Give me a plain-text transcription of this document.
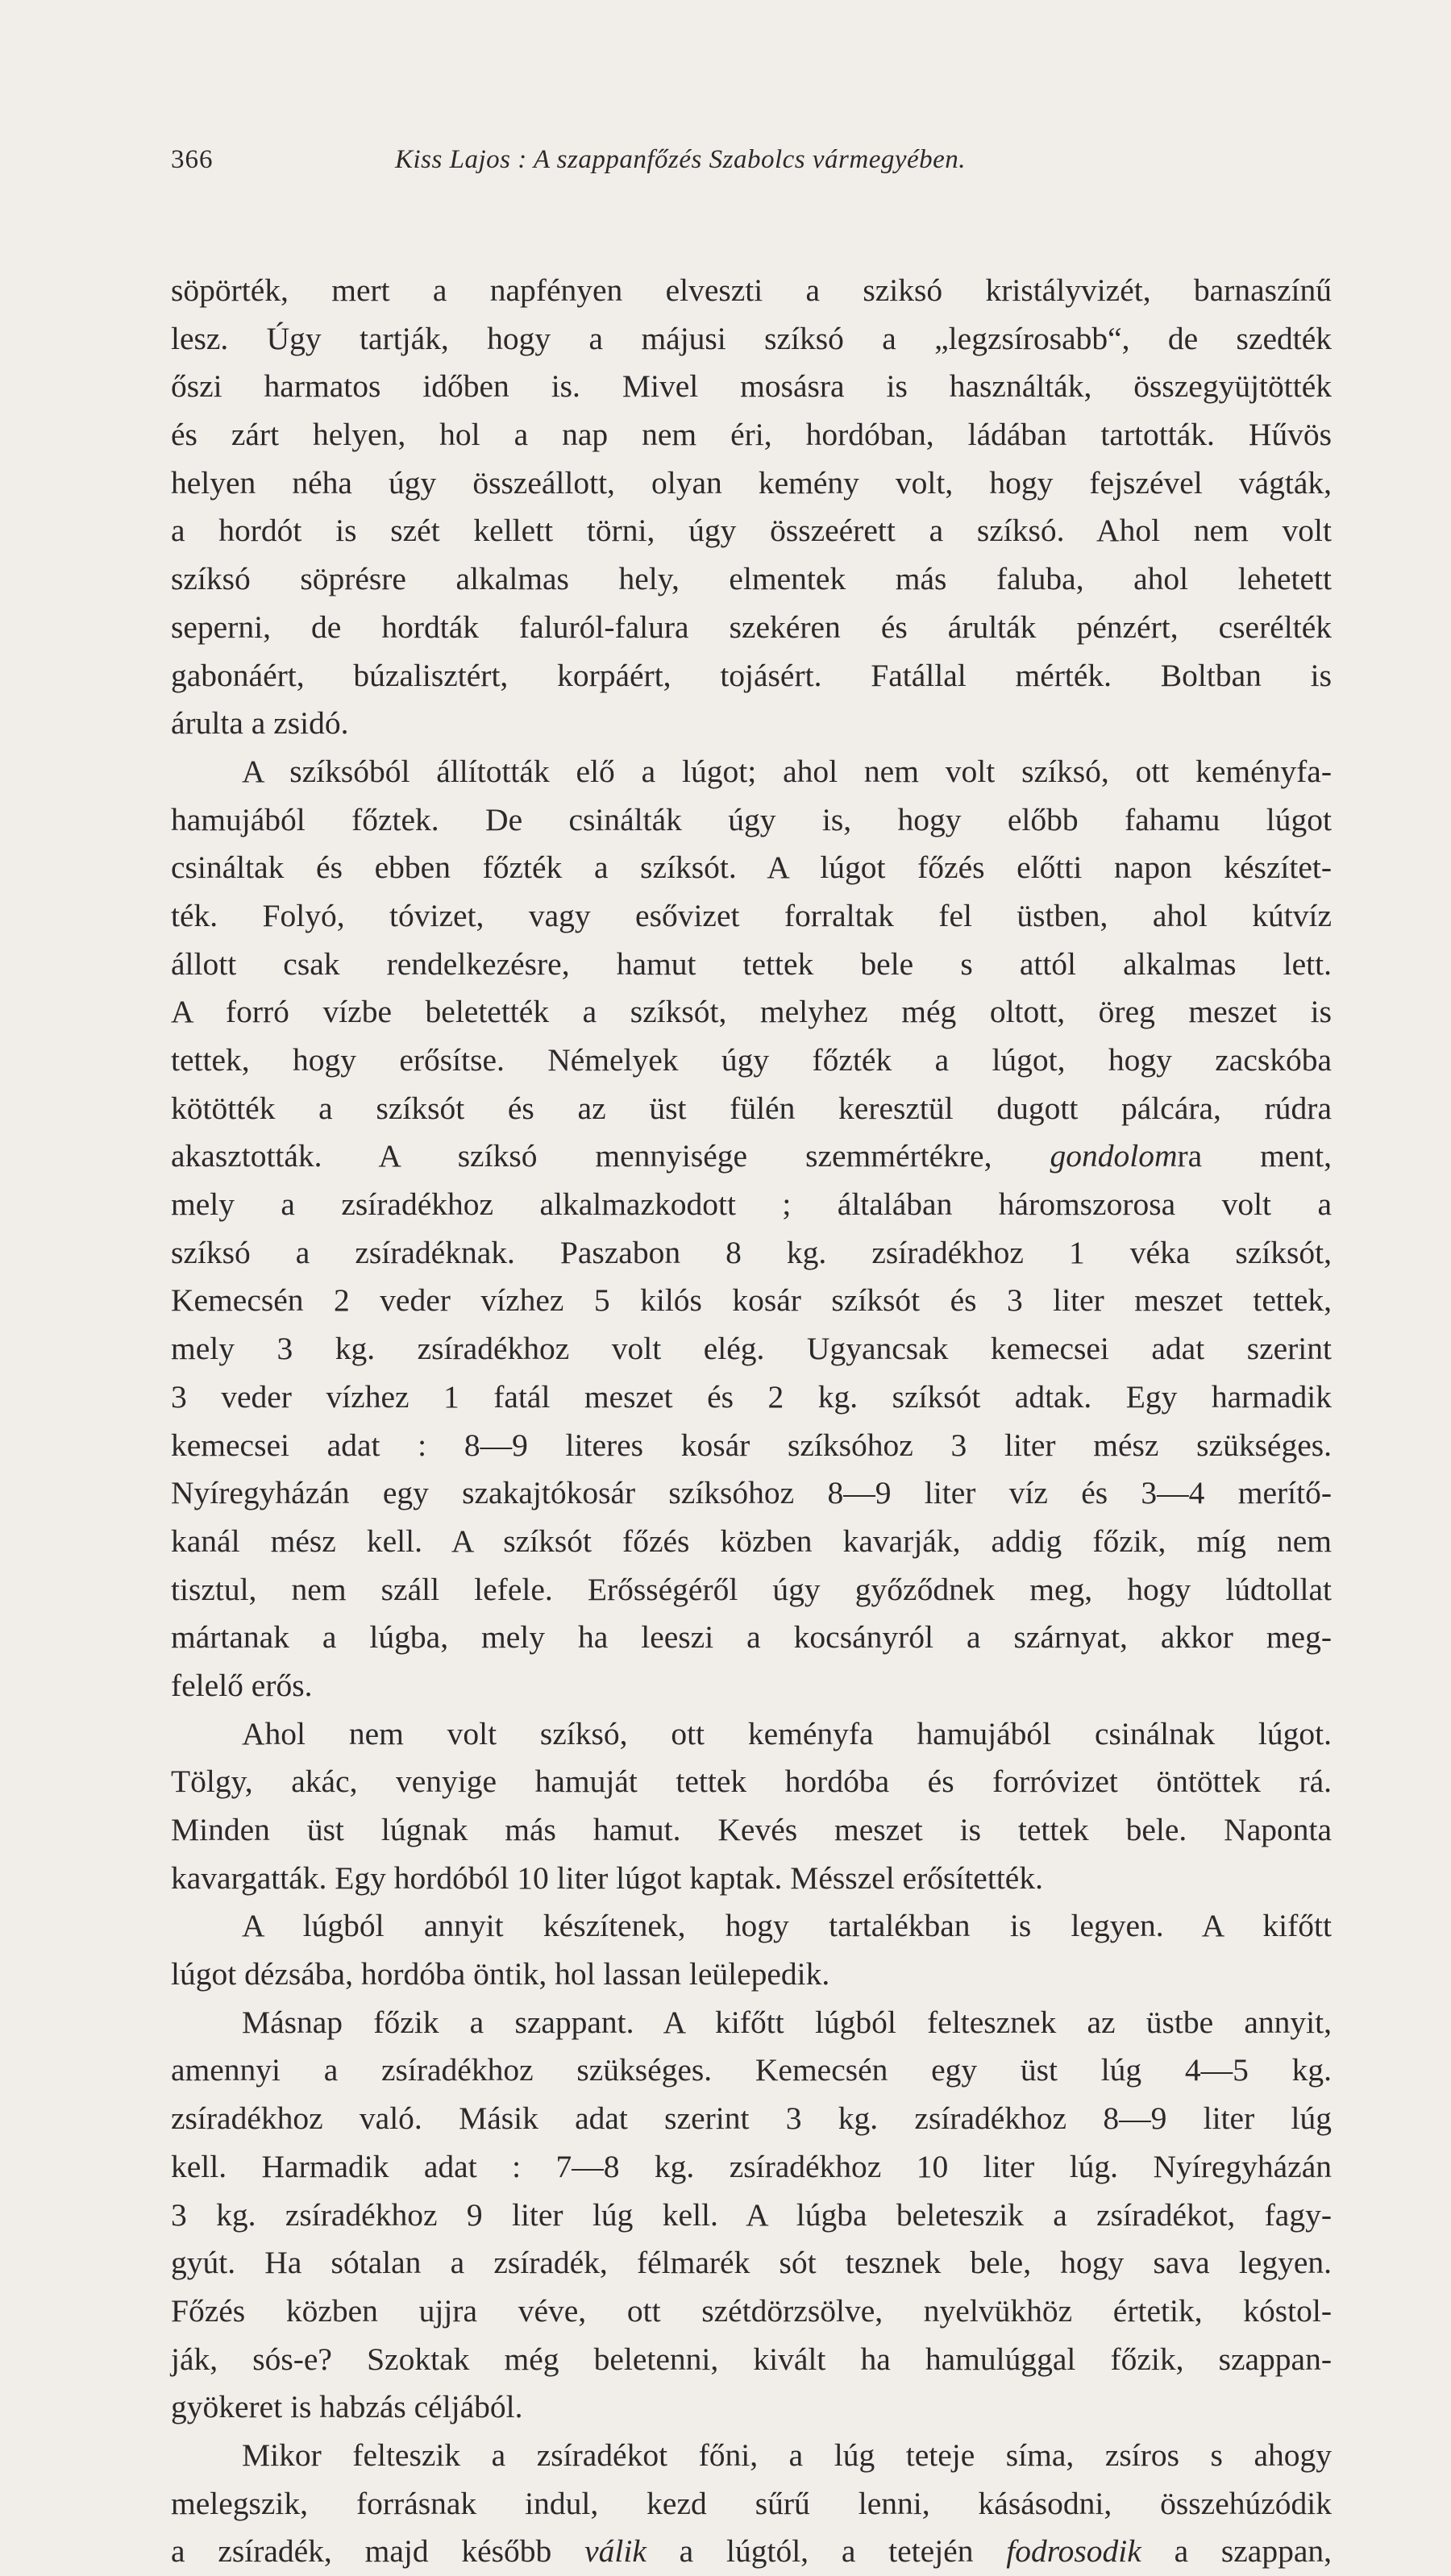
366	Kiss Lajos : A szappanfőzés Szabolcs vármegyében.
söpörték, mert a napfényen elveszti a sziksó kristályvizét, barnaszínű
lesz. Úgy tartják, hogy a májusi szíksó a „legzsírosabb“, de szedték
őszi harmatos időben is. Mivel mosásra is használták, összegyüjtötték
és zárt helyen, hol a nap nem éri, hordóban, ládában tartották. Hűvös
helyen néha úgy összeállott, olyan kemény volt, hogy fejszével vágták,
a hordót is szét kellett törni, úgy összeérett a szíksó. Ahol nem volt
szíksó söprésre alkalmas hely, elmentek más faluba, ahol lehetett
seperni, de hordták faluról-falura szekéren és árulták pénzért, cserélték
gabonáért, búzalisztért, korpáért, tojásért. Fatállal mérték. Boltban is
árulta a zsidó.
A szíksóból állították elő a lúgot; ahol nem volt szíksó, ott keményfa-
hamujából főztek. De csinálták úgy is, hogy előbb fahamu lúgot
csináltak és ebben főzték a szíksót. A lúgot főzés előtti napon készítet-
ték. Folyó, tóvizet, vagy esővizet forraltak fel üstben, ahol kútvíz
állott csak rendelkezésre, hamut tettek bele s attól alkalmas lett.
A forró vízbe beletették a szíksót, melyhez még oltott, öreg meszet is
tettek, hogy erősítse. Némelyek úgy főzték a lúgot, hogy zacskóba
kötötték a szíksót és az üst fülén keresztül dugott pálcára, rúdra
akasztották. A szíksó mennyisége szemmértékre, gondolomra ment,
mely a zsíradékhoz alkalmazkodott ; általában háromszorosa volt a
szíksó a zsíradéknak. Paszabon 8 kg. zsíradékhoz 1 véka szíksót,
Kemecsén 2 veder vízhez 5 kilós kosár szíksót és 3 liter meszet tettek,
mely 3 kg. zsíradékhoz volt elég. Ugyancsak kemecsei adat szerint
3 veder vízhez 1 fatál meszet és 2 kg. szíksót adtak. Egy harmadik
kemecsei adat : 8—9 literes kosár szíksóhoz 3 liter mész szükséges.
Nyíregyházán egy szakajtókosár szíksóhoz 8—9 liter víz és 3—4 merítő-
kanál mész kell. A szíksót főzés közben kavarják, addig főzik, míg nem
tisztul, nem száll lefele. Erősségéről úgy győződnek meg, hogy lúdtollat
mártanak a lúgba, mely ha leeszi a kocsányról a szárnyat, akkor meg-
felelő erős.
Ahol nem volt szíksó, ott keményfa hamujából csinálnak lúgot.
Tölgy, akác, venyige hamuját tettek hordóba és forróvizet öntöttek rá.
Minden üst lúgnak más hamut. Kevés meszet is tettek bele. Naponta
kavargatták. Egy hordóból 10 liter lúgot kaptak. Mésszel erősítették.
A lúgból annyit készítenek, hogy tartalékban is legyen. A kifőtt
lúgot dézsába, hordóba öntik, hol lassan leülepedik.
Másnap főzik a szappant. A kifőtt lúgból feltesznek az üstbe annyit,
amennyi a zsíradékhoz szükséges. Kemecsén egy üst lúg 4—5 kg.
zsíradékhoz való. Másik adat szerint 3 kg. zsíradékhoz 8—9 liter lúg
kell. Harmadik adat : 7—8 kg. zsíradékhoz 10 liter lúg. Nyíregyházán
3 kg. zsíradékhoz 9 liter lúg kell. A lúgba beleteszik a zsíradékot, fagy-
gyút. Ha sótalan a zsíradék, félmarék sót tesznek bele, hogy sava legyen.
Főzés közben ujjra véve, ott szétdörzsölve, nyelvükhöz értetik, kóstol-
ják, sós-e? Szoktak még beletenni, kivált ha hamulúggal főzik, szappan-
gyökeret is habzás céljából.
Mikor felteszik a zsíradékot főni, a lúg teteje síma, zsíros s ahogy
melegszik, forrásnak indul, kezd sűrű lenni, kásásodni, összehúzódik
a zsíradék, majd később válik a lúgtól, a tetején fodrosodik a szappan,
